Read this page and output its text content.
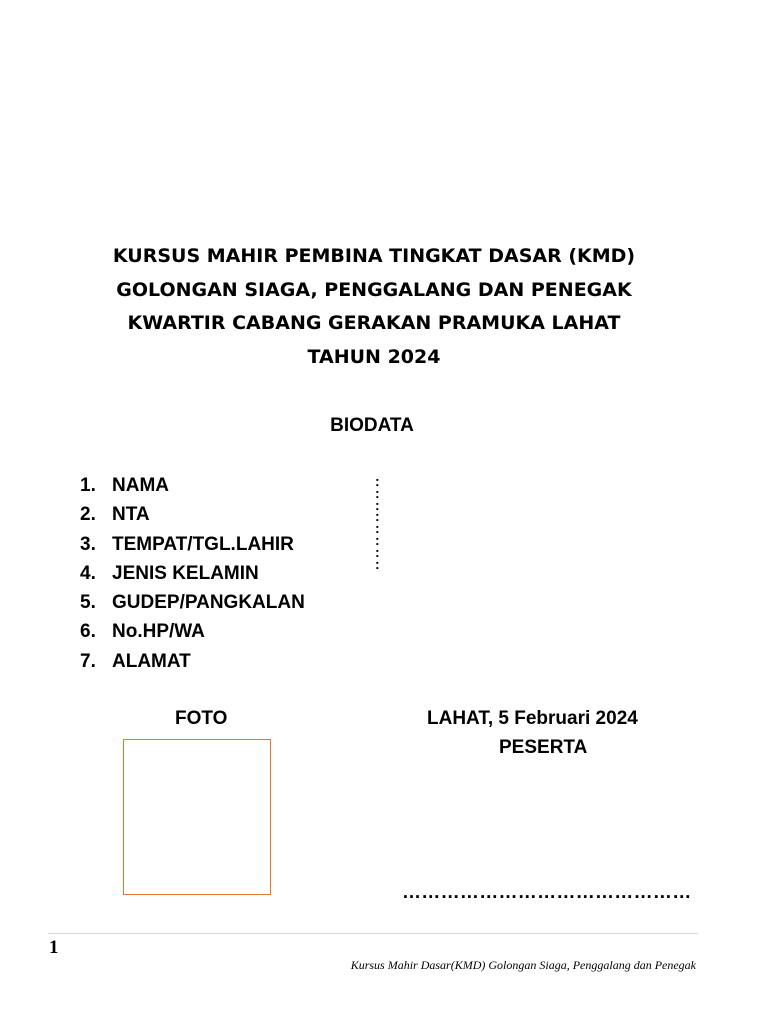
KURSUS MAHIR PEMBINA TINGKAT DASAR (KMD)
GOLONGAN SIAGA, PENGGALANG DAN PENEGAK
KWARTIR CABANG GERAKAN PRAMUKA LAHAT
TAHUN 2024
BIODATA
1. NAMA
2. NTA
3. TEMPAT/TGL.LAHIR
4. JENIS KELAMIN
5. GUDEP/PANGKALAN
6. No.HP/WA
7. ALAMAT
:
:
:
:
:
:
:
:
FOTO	LAHAT, 5 Februari 2024
PESERTA
………………………………………
1
Kursus Mahir Dasar(KMD) Golongan Siaga, Penggalang dan Penegak
